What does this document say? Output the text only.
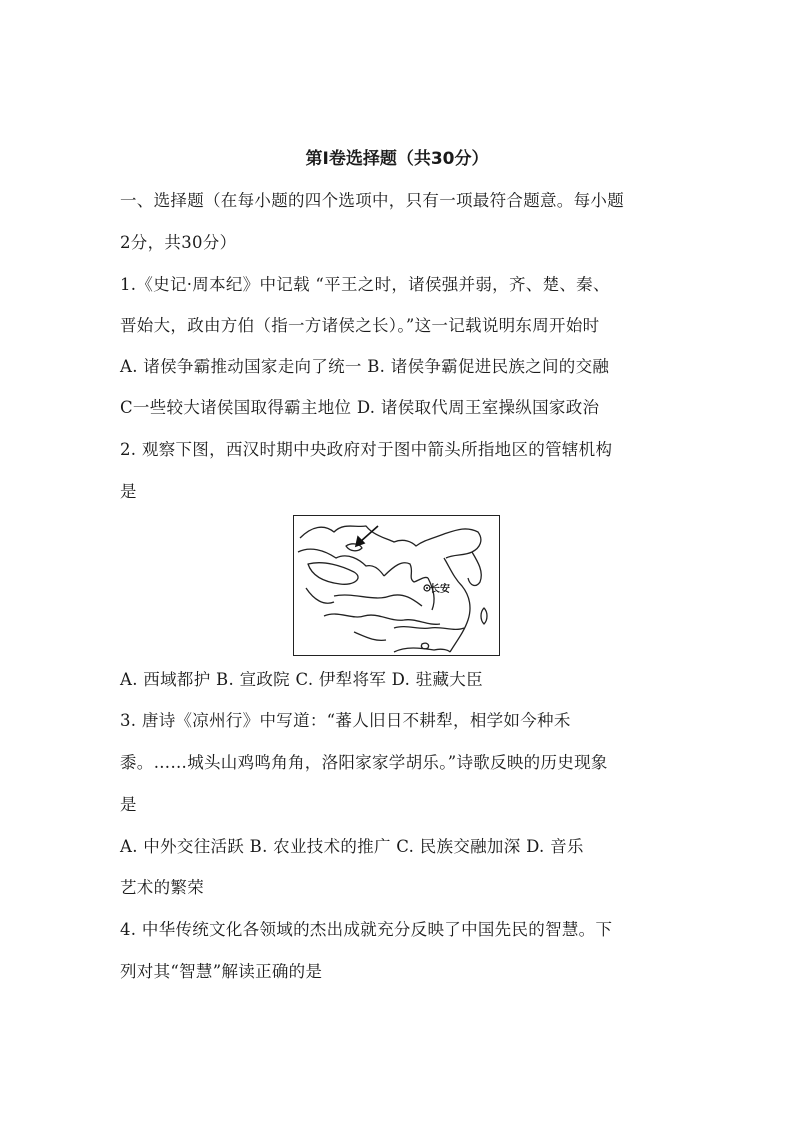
第Ⅰ卷选择题（共30分）
一、选择题（在每小题的四个选项中，只有一项最符合题意。每小题
2分，共30分）
1.《史记·周本纪》中记载 “平王之时，诸侯强并弱，齐、楚、秦、
晋始大，政由方伯（指一方诸侯之长）。”这一记载说明东周开始时
A. 诸侯争霸推动国家走向了统一 B. 诸侯争霸促进民族之间的交融
C一些较大诸侯国取得霸主地位 D. 诸侯取代周王室操纵国家政治
2. 观察下图，西汉时期中央政府对于图中箭头所指地区的管辖机构
是
长安
A. 西域都护 B. 宣政院 C. 伊犁将军 D. 驻藏大臣
3. 唐诗《凉州行》中写道：“蕃人旧日不耕犁，相学如今种禾
黍。……城头山鸡鸣角角，洛阳家家学胡乐。”诗歌反映的历史现象
是
A. 中外交往活跃 B. 农业技术的推广 C. 民族交融加深 D. 音乐
艺术的繁荣
4. 中华传统文化各领域的杰出成就充分反映了中国先民的智慧。下
列对其“智慧”解读正确的是
